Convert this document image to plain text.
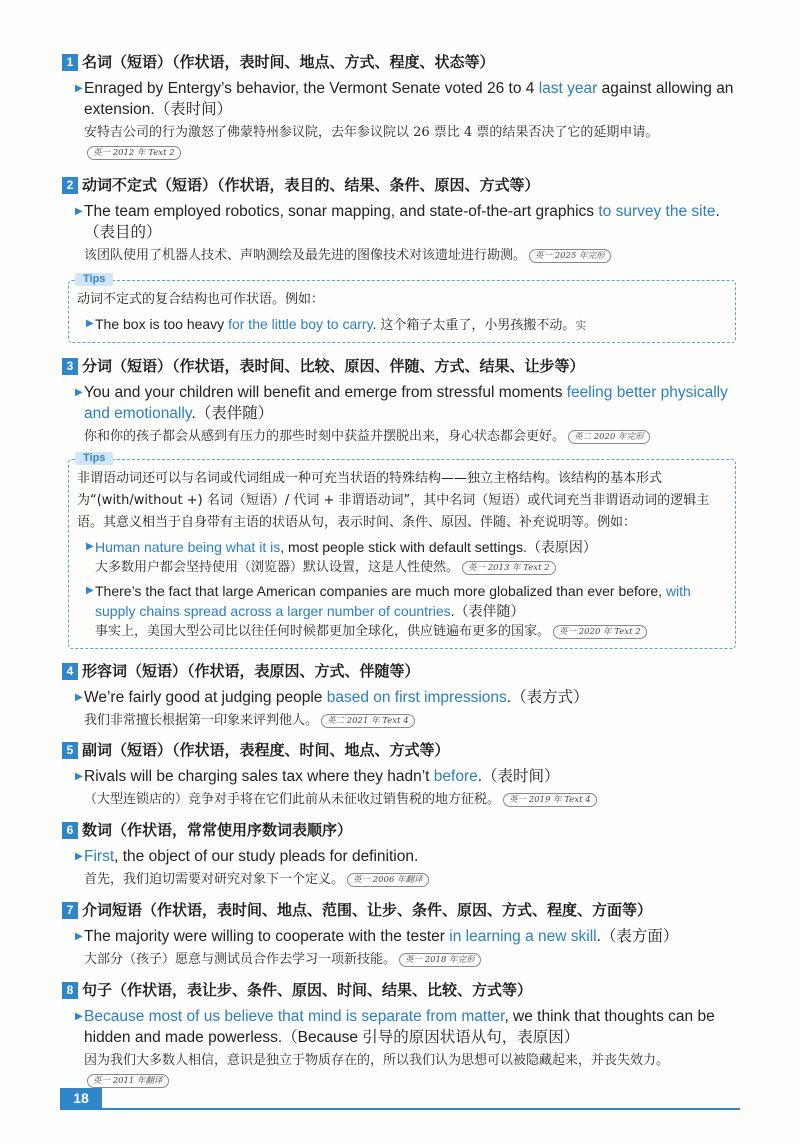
1 名词（短语）（作状语，表时间、地点、方式、程度、状态等）
▶ Enraged by Entergy’s behavior, the Vermont Senate voted 26 to 4 last year against allowing an extension.（表时间）
安特吉公司的行为激怒了佛蒙特州参议院，去年参议院以 26 票比 4 票的结果否决了它的延期申请。英一 2012 年 Text 2
2 动词不定式（短语）（作状语，表目的、结果、条件、原因、方式等）
▶ The team employed robotics, sonar mapping, and state-of-the-art graphics to survey the site.（表目的）
该团队使用了机器人技术、声呐测绘及最先进的图像技术对该遗址进行勘测。 英一 2025 年完形
Tips
动词不定式的复合结构也可作状语。例如：
▶ The box is too heavy for the little boy to carry. 这个箱子太重了，小男孩搬不动。实
3 分词（短语）（作状语，表时间、比较、原因、伴随、方式、结果、让步等）
▶ You and your children will benefit and emerge from stressful moments feeling better physically and emotionally.（表伴随）
你和你的孩子都会从感到有压力的那些时刻中获益并摆脱出来，身心状态都会更好。 英二 2020 年完形
Tips
非谓语动词还可以与名词或代词组成一种可充当状语的特殊结构——独立主格结构。该结构的基本形式为“(with/without +) 名词（短语）/ 代词 + 非谓语动词”，其中名词（短语）或代词充当非谓语动词的逻辑主语。其意义相当于自身带有主语的状语从句，表示时间、条件、原因、伴随、补充说明等。例如：
▶ Human nature being what it is, most people stick with default settings.（表原因）
大多数用户都会坚持使用（浏览器）默认设置，这是人性使然。 英一 2013 年 Text 2
▶ There’s the fact that large American companies are much more globalized than ever before, with supply chains spread across a larger number of countries.（表伴随）
事实上，美国大型公司比以往任何时候都更加全球化，供应链遍布更多的国家。 英一 2020 年 Text 2
4 形容词（短语）（作状语，表原因、方式、伴随等）
▶ We’re fairly good at judging people based on first impressions.（表方式）
我们非常擅长根据第一印象来评判他人。 英二 2021 年 Text 4
5 副词（短语）（作状语，表程度、时间、地点、方式等）
▶ Rivals will be charging sales tax where they hadn’t before.（表时间）
（大型连锁店的）竞争对手将在它们此前从未征收过销售税的地方征税。 英一 2019 年 Text 4
6 数词（作状语，常常使用序数词表顺序）
▶ First, the object of our study pleads for definition.
首先，我们迫切需要对研究对象下一个定义。 英一 2006 年翻译
7 介词短语（作状语，表时间、地点、范围、让步、条件、原因、方式、程度、方面等）
▶ The majority were willing to cooperate with the tester in learning a new skill.（表方面）
大部分（孩子）愿意与测试员合作去学习一项新技能。 英一 2018 年完形
8 句子（作状语，表让步、条件、原因、时间、结果、比较、方式等）
▶ Because most of us believe that mind is separate from matter, we think that thoughts can be hidden and made powerless.（Because 引导的原因状语从句，表原因）
因为我们大多数人相信，意识是独立于物质存在的，所以我们认为思想可以被隐藏起来，并丧失效力。英一 2011 年翻译
18
